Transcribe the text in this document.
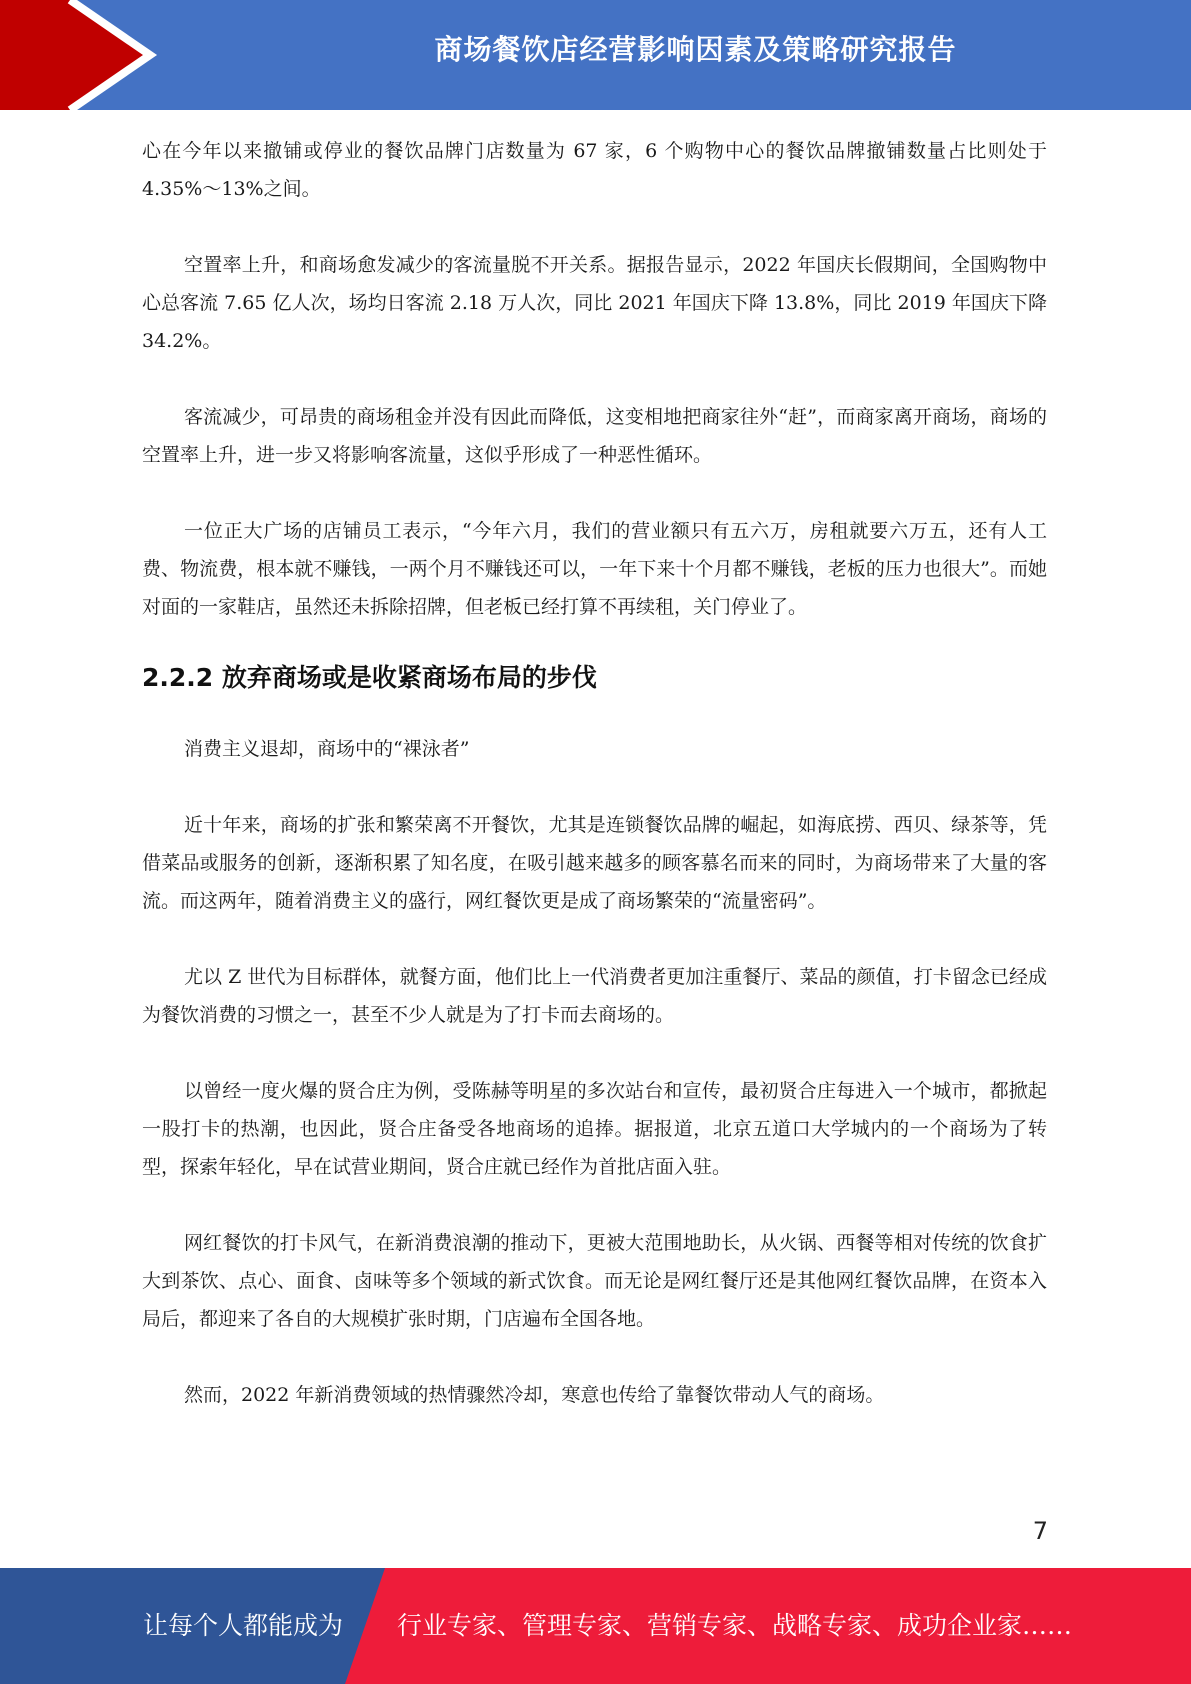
商场餐饮店经营影响因素及策略研究报告

心在今年以来撤铺或停业的餐饮品牌门店数量为 67 家，6 个购物中心的餐饮品牌撤铺数量占比则处于 4.35%～13%之间。

空置率上升，和商场愈发减少的客流量脱不开关系。据报告显示，2022 年国庆长假期间，全国购物中心总客流 7.65 亿人次，场均日客流 2.18 万人次，同比 2021 年国庆下降 13.8%，同比 2019 年国庆下降 34.2%。

客流减少，可昂贵的商场租金并没有因此而降低，这变相地把商家往外“赶”，而商家离开商场，商场的空置率上升，进一步又将影响客流量，这似乎形成了一种恶性循环。

一位正大广场的店铺员工表示，“今年六月，我们的营业额只有五六万，房租就要六万五，还有人工费、物流费，根本就不赚钱，一两个月不赚钱还可以，一年下来十个月都不赚钱，老板的压力也很大”。而她对面的一家鞋店，虽然还未拆除招牌，但老板已经打算不再续租，关门停业了。

2.2.2 放弃商场或是收紧商场布局的步伐

消费主义退却，商场中的“裸泳者”

近十年来，商场的扩张和繁荣离不开餐饮，尤其是连锁餐饮品牌的崛起，如海底捞、西贝、绿茶等，凭借菜品或服务的创新，逐渐积累了知名度，在吸引越来越多的顾客慕名而来的同时，为商场带来了大量的客流。而这两年，随着消费主义的盛行，网红餐饮更是成了商场繁荣的“流量密码”。

尤以 Z 世代为目标群体，就餐方面，他们比上一代消费者更加注重餐厅、菜品的颜值，打卡留念已经成为餐饮消费的习惯之一，甚至不少人就是为了打卡而去商场的。

以曾经一度火爆的贤合庄为例，受陈赫等明星的多次站台和宣传，最初贤合庄每进入一个城市，都掀起一股打卡的热潮，也因此，贤合庄备受各地商场的追捧。据报道，北京五道口大学城内的一个商场为了转型，探索年轻化，早在试营业期间，贤合庄就已经作为首批店面入驻。

网红餐饮的打卡风气，在新消费浪潮的推动下，更被大范围地助长，从火锅、西餐等相对传统的饮食扩大到茶饮、点心、面食、卤味等多个领域的新式饮食。而无论是网红餐厅还是其他网红餐饮品牌，在资本入局后，都迎来了各自的大规模扩张时期，门店遍布全国各地。

然而，2022 年新消费领域的热情骤然冷却，寒意也传给了靠餐饮带动人气的商场。

7
让每个人都能成为 行业专家、管理专家、营销专家、战略专家、成功企业家……
